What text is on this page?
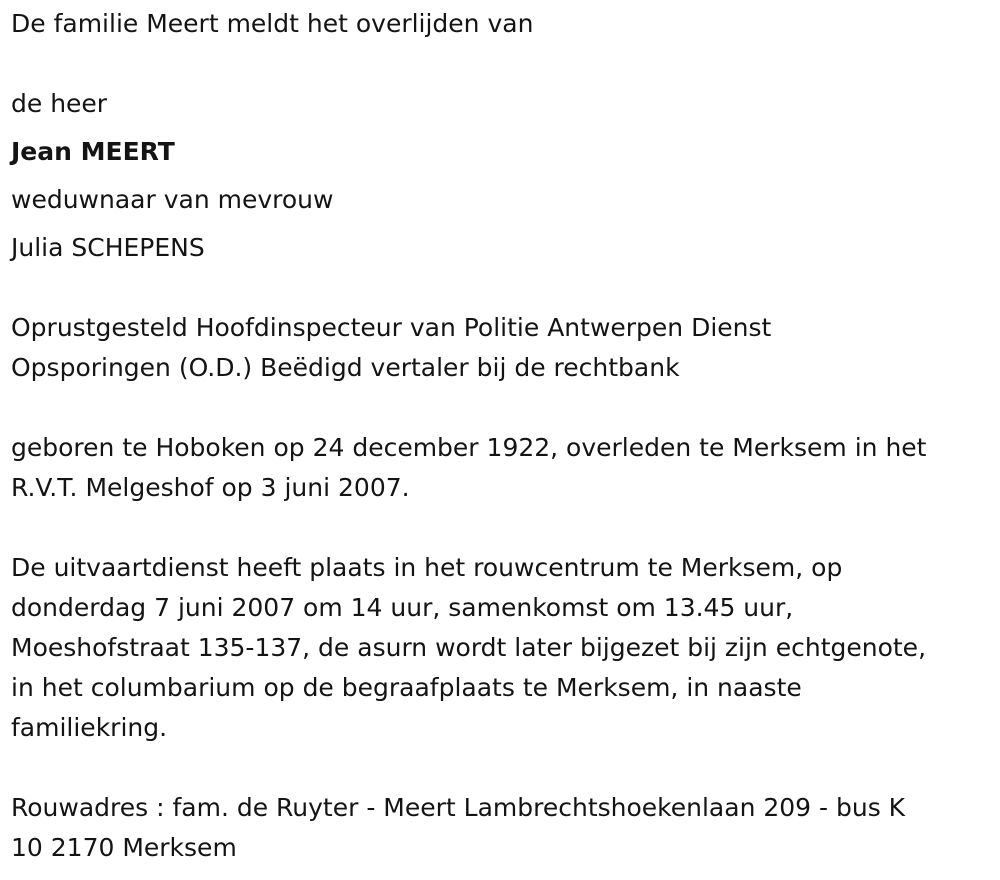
De familie Meert meldt het overlijden van
de heer
Jean MEERT
weduwnaar van mevrouw
Julia SCHEPENS
Oprustgesteld Hoofdinspecteur van Politie Antwerpen Dienst
Opsporingen (O.D.) Beëdigd vertaler bij de rechtbank
geboren te Hoboken op 24 december 1922, overleden te Merksem in het
R.V.T. Melgeshof op 3 juni 2007.
De uitvaartdienst heeft plaats in het rouwcentrum te Merksem, op
donderdag 7 juni 2007 om 14 uur, samenkomst om 13.45 uur,
Moeshofstraat 135-137, de asurn wordt later bijgezet bij zijn echtgenote,
in het columbarium op de begraafplaats te Merksem, in naaste
familiekring.
Rouwadres : fam. de Ruyter - Meert Lambrechtshoekenlaan 209 - bus K
10 2170 Merksem
